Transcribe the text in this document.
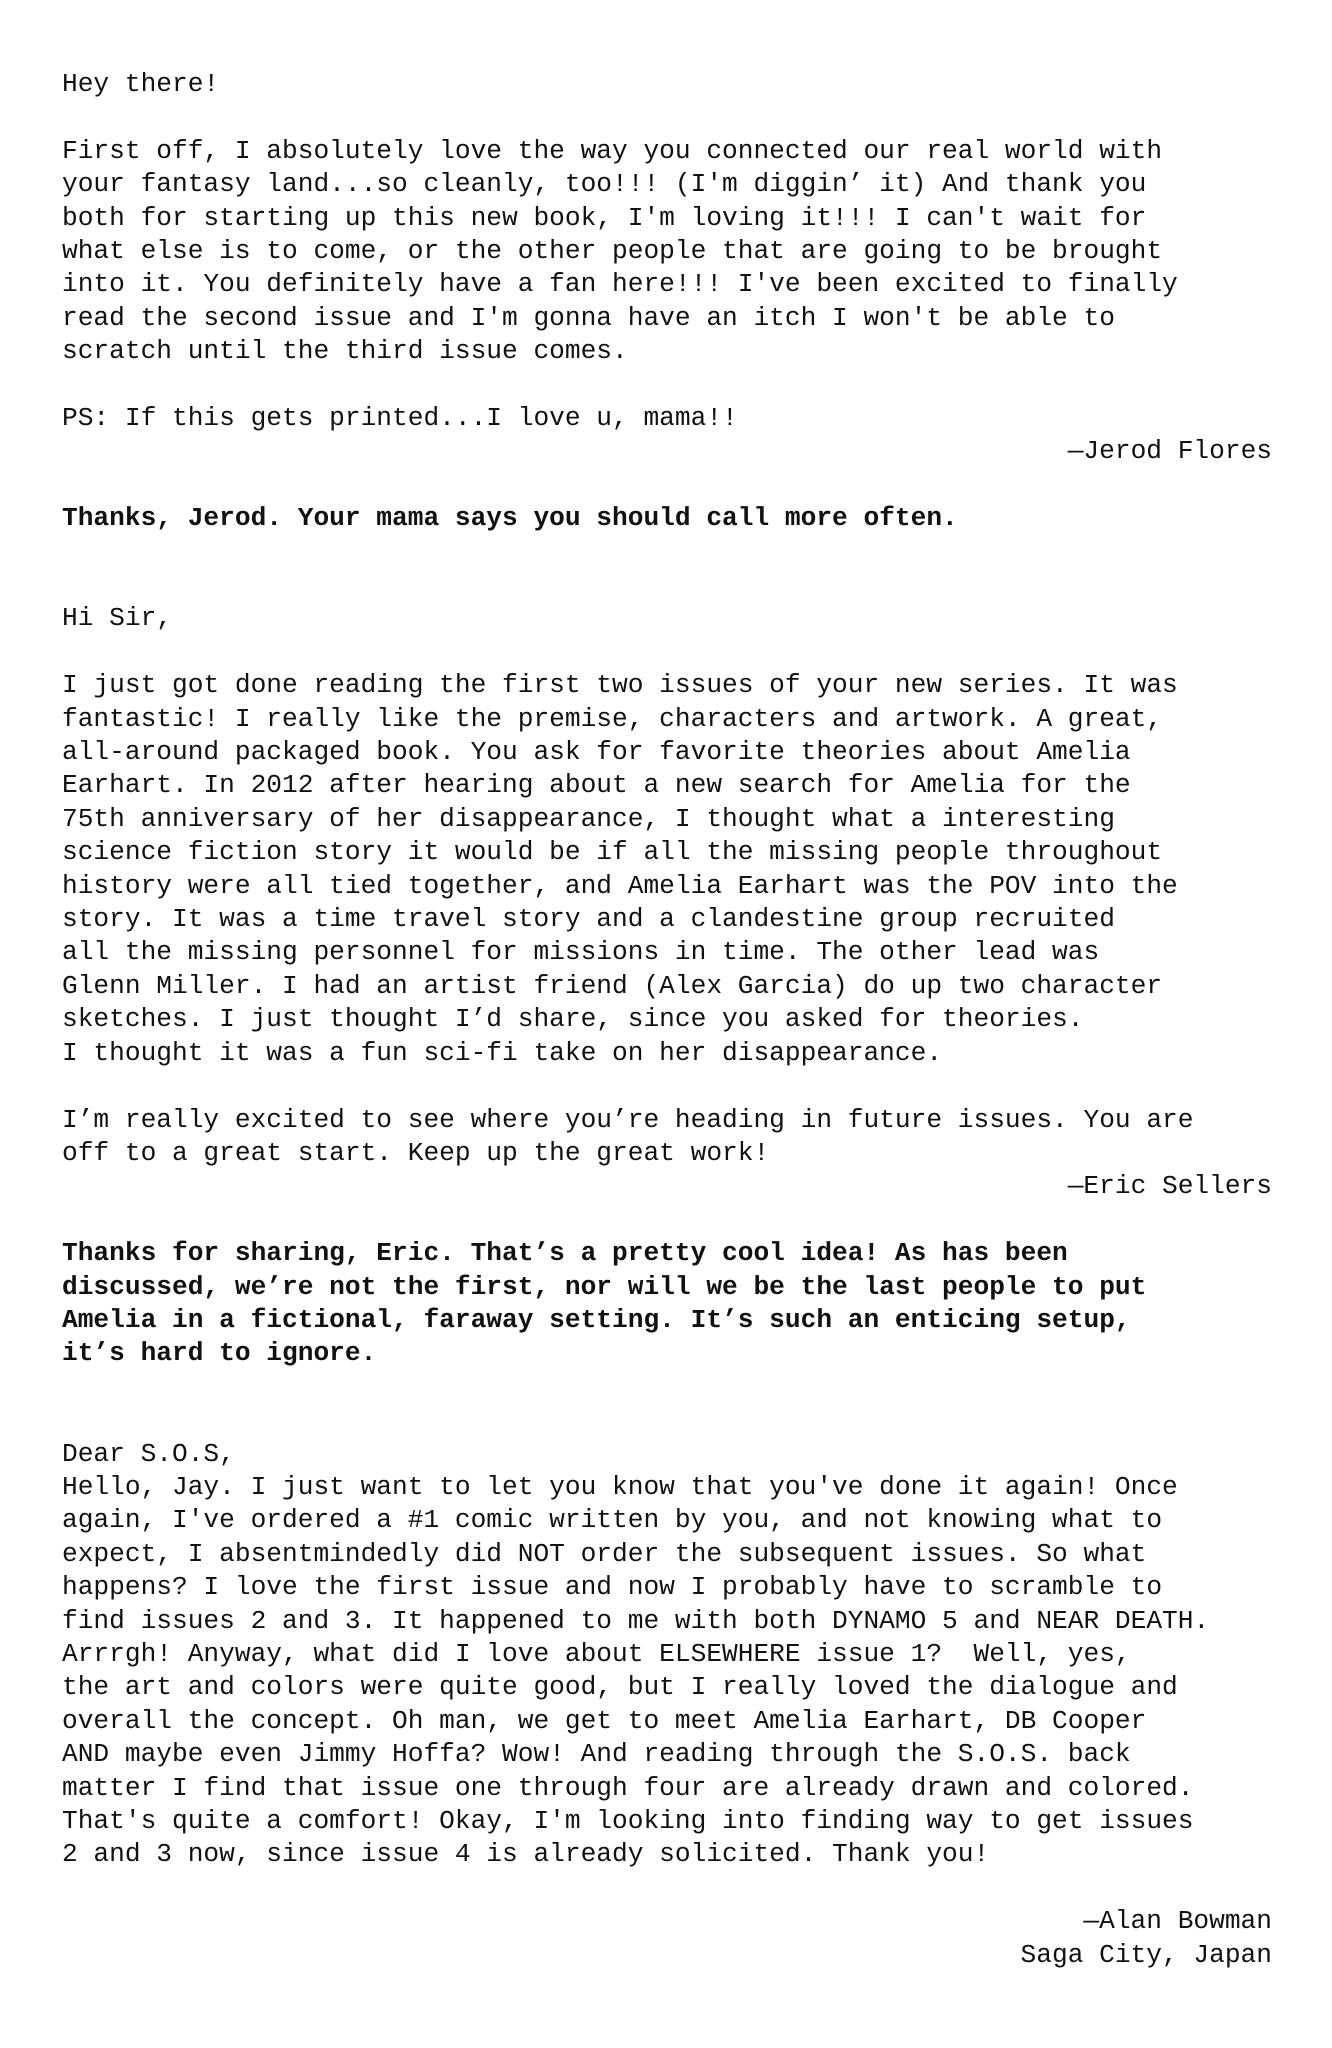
Hey there!

First off, I absolutely love the way you connected our real world with
your fantasy land...so cleanly, too!!! (I'm diggin’ it) And thank you
both for starting up this new book, I'm loving it!!! I can't wait for
what else is to come, or the other people that are going to be brought
into it. You definitely have a fan here!!! I've been excited to finally
read the second issue and I'm gonna have an itch I won't be able to
scratch until the third issue comes.

PS: If this gets printed...I love u, mama!!

—Jerod Flores

Thanks, Jerod. Your mama says you should call more often.

Hi Sir,

I just got done reading the first two issues of your new series. It was
fantastic! I really like the premise, characters and artwork. A great,
all-around packaged book. You ask for favorite theories about Amelia
Earhart. In 2012 after hearing about a new search for Amelia for the
75th anniversary of her disappearance, I thought what a interesting
science fiction story it would be if all the missing people throughout
history were all tied together, and Amelia Earhart was the POV into the
story. It was a time travel story and a clandestine group recruited
all the missing personnel for missions in time. The other lead was
Glenn Miller. I had an artist friend (Alex Garcia) do up two character
sketches. I just thought I’d share, since you asked for theories.
I thought it was a fun sci-fi take on her disappearance.

I’m really excited to see where you’re heading in future issues. You are
off to a great start. Keep up the great work!

—Eric Sellers

Thanks for sharing, Eric. That’s a pretty cool idea! As has been
discussed, we’re not the first, nor will we be the last people to put
Amelia in a fictional, faraway setting. It’s such an enticing setup,
it’s hard to ignore.

Dear S.O.S,

Hello, Jay. I just want to let you know that you've done it again! Once
again, I've ordered a #1 comic written by you, and not knowing what to
expect, I absentmindedly did NOT order the subsequent issues. So what
happens? I love the first issue and now I probably have to scramble to
find issues 2 and 3. It happened to me with both DYNAMO 5 and NEAR DEATH.
Arrrgh! Anyway, what did I love about ELSEWHERE issue 1?  Well, yes,
the art and colors were quite good, but I really loved the dialogue and
overall the concept. Oh man, we get to meet Amelia Earhart, DB Cooper
AND maybe even Jimmy Hoffa? Wow! And reading through the S.O.S. back
matter I find that issue one through four are already drawn and colored.
That's quite a comfort! Okay, I'm looking into finding way to get issues
2 and 3 now, since issue 4 is already solicited. Thank you!

—Alan Bowman

Saga City, Japan
